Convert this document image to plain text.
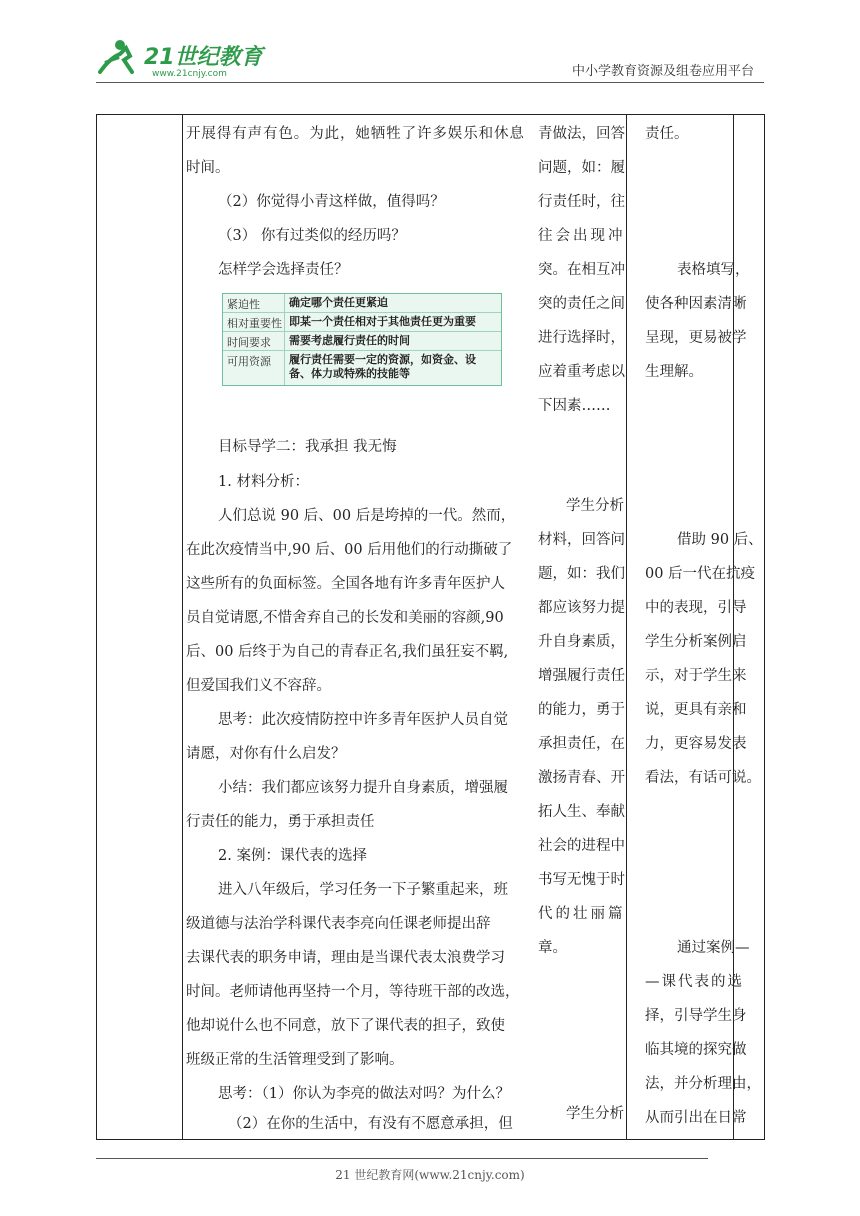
21世纪教育
www.21cnjy.com	中小学教育资源及组卷应用平台
开展得有声有色。为此，她牺牲了许多娱乐和休息
时间。
（2）你觉得小青这样做，值得吗？
（3） 你有过类似的经历吗？
怎样学会选择责任？
紧迫性	确定哪个责任更紧迫
相对重要性 即某一个责任相对于其他责任更为重要
时间要求 需要考虑履行责任的时间
可用资源 履行责任需要一定的资源，如资金、设
备、体力或特殊的技能等
目标导学二：我承担 我无悔
1. 材料分析：
人们总说 90 后、00 后是垮掉的一代。然而，
在此次疫情当中,90 后、00 后用他们的行动撕破了
这些所有的负面标签。全国各地有许多青年医护人
员自觉请愿,不惜舍弃自己的长发和美丽的容颜,90
后、00 后终于为自己的青春正名,我们虽狂妄不羁,
但爱国我们义不容辞。
思考：此次疫情防控中许多青年医护人员自觉
请愿，对你有什么启发？
小结：我们都应该努力提升自身素质，增强履
行责任的能力，勇于承担责任
2. 案例：课代表的选择
进入八年级后，学习任务一下子繁重起来，班
级道德与法治学科课代表李亮向任课老师提出辞
去课代表的职务申请，理由是当课代表太浪费学习
时间。老师请他再坚持一个月，等待班干部的改选，
他却说什么也不同意，放下了课代表的担子，致使
班级正常的生活管理受到了影响。
思考：（1）你认为李亮的做法对吗？为什么？
（2）在你的生活中，有没有不愿意承担，但
青做法，回答
问题，如：履
行责任时，往
往会出现冲
突。在相互冲
突的责任之间
进行选择时，
应着重考虑以
下因素……
学生分析
材料，回答问
题，如：我们
都应该努力提
升自身素质，
增强履行责任
的能力，勇于
承担责任，在
激扬青春、开
拓人生、奉献
社会的进程中
书写无愧于时
代的壮丽篇
章。
学生分析
责任。
表格填写，
使各种因素清晰
呈现，更易被学
生理解。
借助 90 后、
00 后一代在抗疫
中的表现，引导
学生分析案例启
示，对于学生来
说，更具有亲和
力，更容易发表
看法，有话可说。
通过案例—
—课代表的选
择，引导学生身
临其境的探究做
法，并分析理由，
从而引出在日常
21 世纪教育网(www.21cnjy.com)
